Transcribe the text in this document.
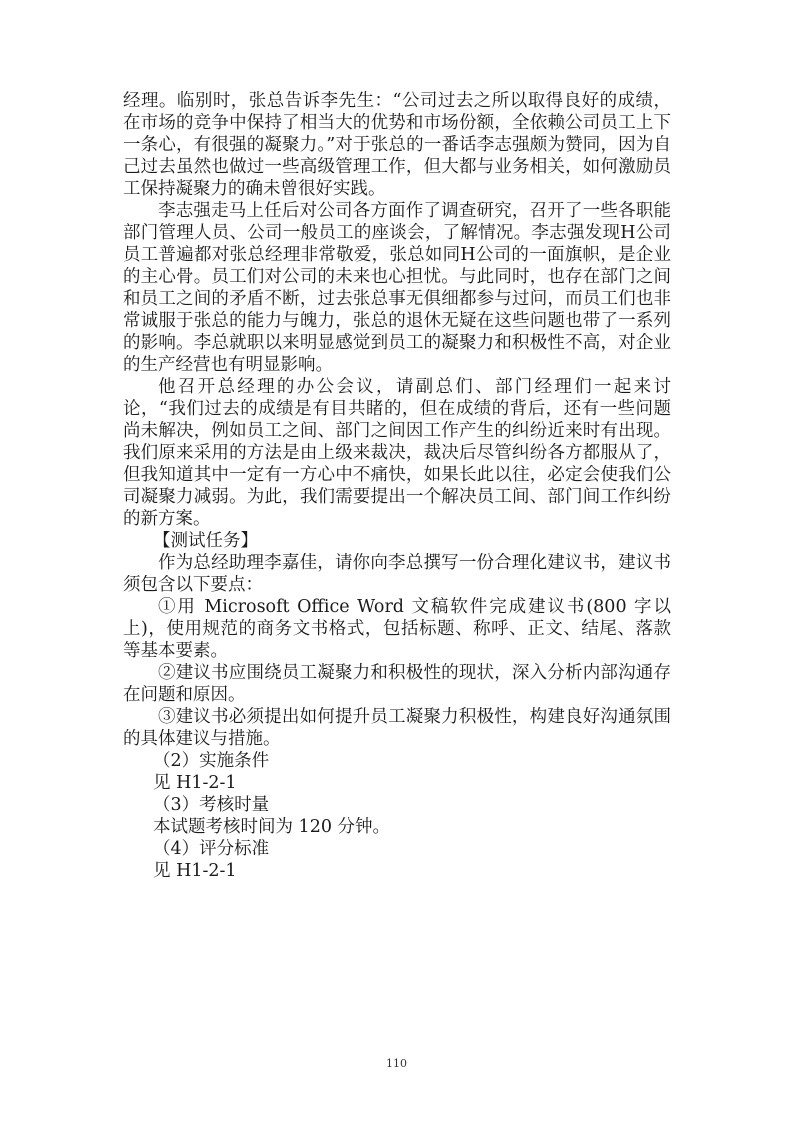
经理。临别时，张总告诉李先生：“公司过去之所以取得良好的成绩，在市场的竞争中保持了相当大的优势和市场份额，全依赖公司员工上下一条心，有很强的凝聚力。”对于张总的一番话李志强颇为赞同，因为自己过去虽然也做过一些高级管理工作，但大都与业务相关，如何激励员工保持凝聚力的确未曾很好实践。

李志强走马上任后对公司各方面作了调查研究，召开了一些各职能部门管理人员、公司一般员工的座谈会，了解情况。李志强发现H公司员工普遍都对张总经理非常敬爱，张总如同H公司的一面旗帜，是企业的主心骨。员工们对公司的未来也心担忧。与此同时，也存在部门之间和员工之间的矛盾不断，过去张总事无俱细都参与过问，而员工们也非常诚服于张总的能力与魄力，张总的退休无疑在这些问题也带了一系列的影响。李总就职以来明显感觉到员工的凝聚力和积极性不高，对企业的生产经营也有明显影响。

他召开总经理的办公会议，请副总们、部门经理们一起来讨论，“我们过去的成绩是有目共睹的，但在成绩的背后，还有一些问题尚未解决，例如员工之间、部门之间因工作产生的纠纷近来时有出现。我们原来采用的方法是由上级来裁决，裁决后尽管纠纷各方都服从了，但我知道其中一定有一方心中不痛快，如果长此以往，必定会使我们公司凝聚力减弱。为此，我们需要提出一个解决员工间、部门间工作纠纷的新方案。

【测试任务】

作为总经助理李嘉佳，请你向李总撰写一份合理化建议书，建议书须包含以下要点：

①用 Microsoft Office Word 文稿软件完成建议书(800 字以上)，使用规范的商务文书格式，包括标题、称呼、正文、结尾、落款等基本要素。

②建议书应围绕员工凝聚力和积极性的现状，深入分析内部沟通存在问题和原因。

③建议书必须提出如何提升员工凝聚力积极性，构建良好沟通氛围的具体建议与措施。

（2）实施条件

见 H1-2-1

（3）考核时量

本试题考核时间为 120 分钟。

（4）评分标准

见 H1-2-1

110
